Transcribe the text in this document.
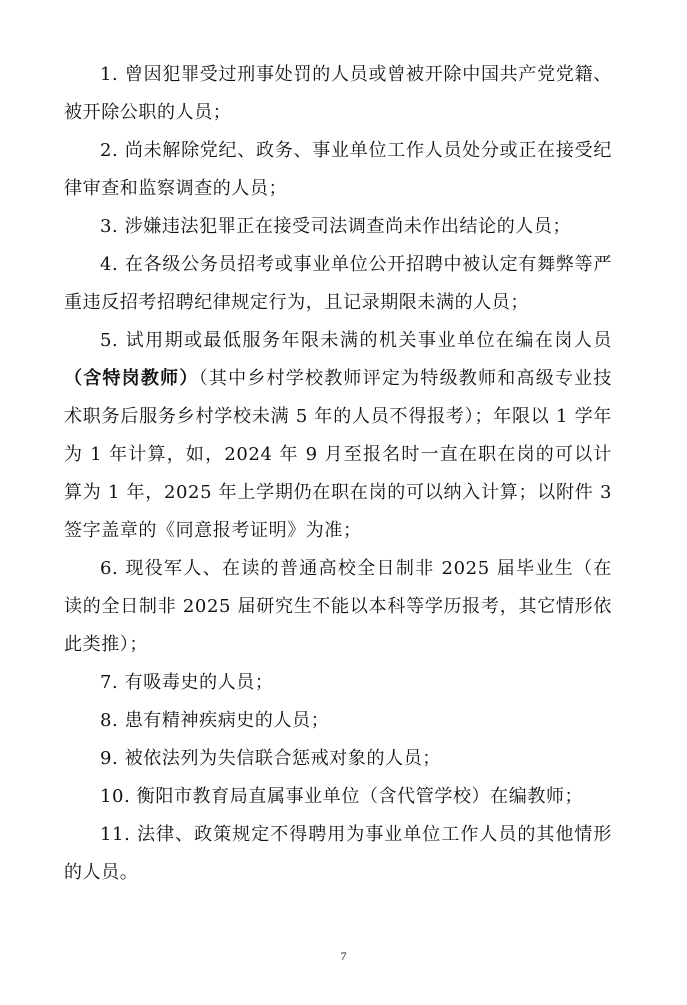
1. 曾因犯罪受过刑事处罚的人员或曾被开除中国共产党党籍、被开除公职的人员；

2. 尚未解除党纪、政务、事业单位工作人员处分或正在接受纪律审查和监察调查的人员；

3. 涉嫌违法犯罪正在接受司法调查尚未作出结论的人员；

4. 在各级公务员招考或事业单位公开招聘中被认定有舞弊等严重违反招考招聘纪律规定行为，且记录期限未满的人员；

5. 试用期或最低服务年限未满的机关事业单位在编在岗人员（含特岗教师）（其中乡村学校教师评定为特级教师和高级专业技术职务后服务乡村学校未满 5 年的人员不得报考）；年限以 1 学年为 1 年计算，如，2024 年 9 月至报名时一直在职在岗的可以计算为 1 年，2025 年上学期仍在职在岗的可以纳入计算；以附件 3 签字盖章的《同意报考证明》为准；

6. 现役军人、在读的普通高校全日制非 2025 届毕业生（在读的全日制非 2025 届研究生不能以本科等学历报考，其它情形依此类推）；

7. 有吸毒史的人员；

8. 患有精神疾病史的人员；

9. 被依法列为失信联合惩戒对象的人员；

10. 衡阳市教育局直属事业单位（含代管学校）在编教师；

11. 法律、政策规定不得聘用为事业单位工作人员的其他情形的人员。

7
